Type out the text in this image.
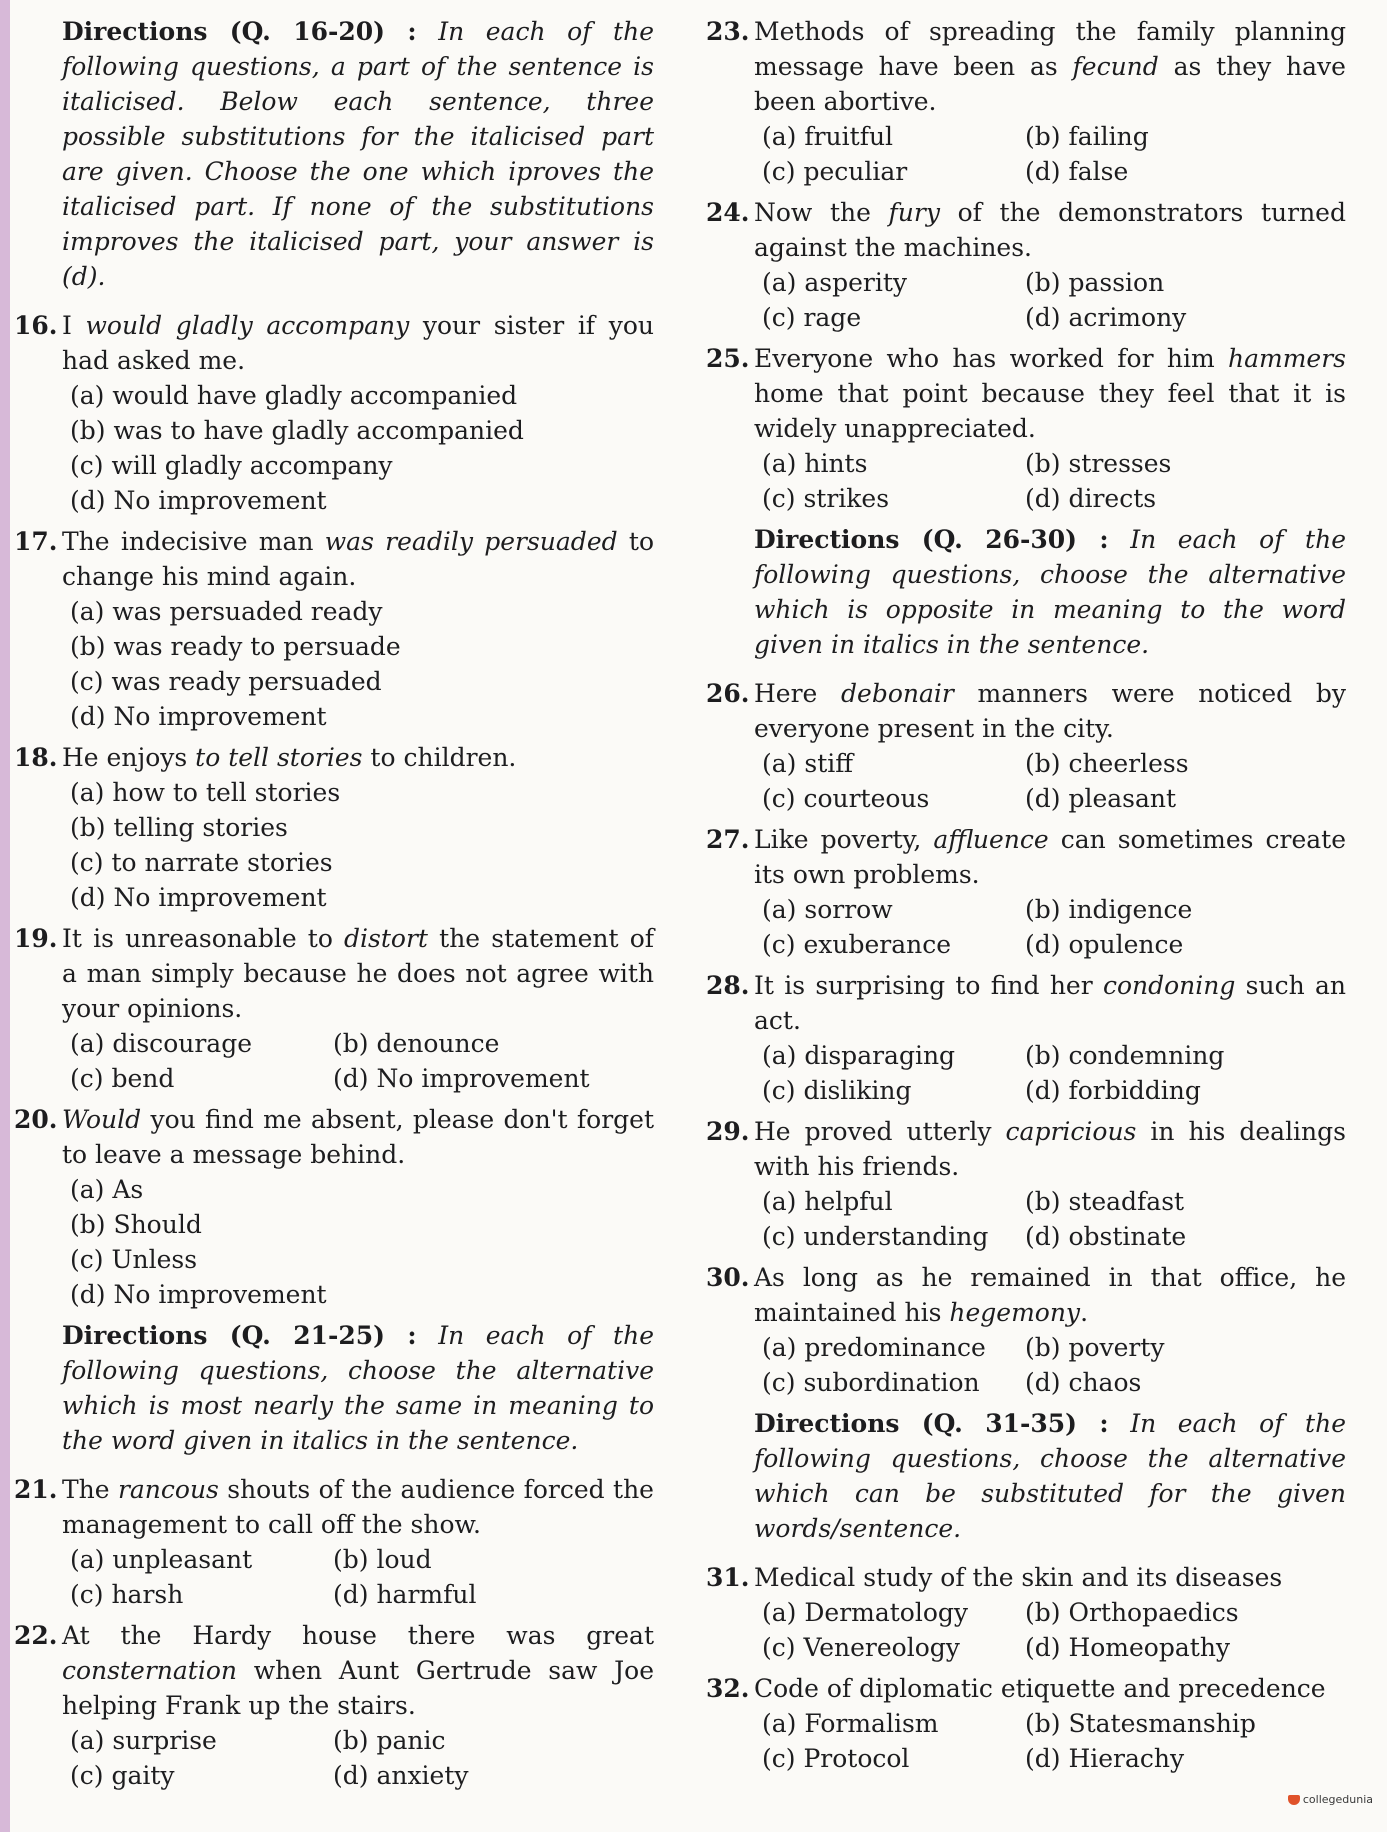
Directions (Q. 16-20) : In each of the following questions, a part of the sentence is italicised. Below each sentence, three possible substitutions for the italicised part are given. Choose the one which iproves the italicised part. If none of the substitutions improves the italicised part, your answer is (d).
16. I would gladly accompany your sister if you had asked me.
(a) would have gladly accompanied
(b) was to have gladly accompanied
(c) will gladly accompany
(d) No improvement
17. The indecisive man was readily persuaded to change his mind again.
(a) was persuaded ready
(b) was ready to persuade
(c) was ready persuaded
(d) No improvement
18. He enjoys to tell stories to children.
(a) how to tell stories
(b) telling stories
(c) to narrate stories
(d) No improvement
19. It is unreasonable to distort the statement of a man simply because he does not agree with your opinions.
(a) discourage	(b) denounce
(c) bend	(d) No improvement
20. Would you find me absent, please don't forget to leave a message behind.
(a) As
(b) Should
(c) Unless
(d) No improvement
Directions (Q. 21-25) : In each of the following questions, choose the alternative which is most nearly the same in meaning to the word given in italics in the sentence.
21. The rancous shouts of the audience forced the management to call off the show.
(a) unpleasant	(b) loud
(c) harsh	(d) harmful
22. At the Hardy house there was great consternation when Aunt Gertrude saw Joe helping Frank up the stairs.
(a) surprise	(b) panic
(c) gaity	(d) anxiety
23. Methods of spreading the family planning message have been as fecund as they have been abortive.
(a) fruitful	(b) failing
(c) peculiar	(d) false
24. Now the fury of the demonstrators turned against the machines.
(a) asperity	(b) passion
(c) rage	(d) acrimony
25. Everyone who has worked for him hammers home that point because they feel that it is widely unappreciated.
(a) hints	(b) stresses
(c) strikes	(d) directs
Directions (Q. 26-30) : In each of the following questions, choose the alternative which is opposite in meaning to the word given in italics in the sentence.
26. Here debonair manners were noticed by everyone present in the city.
(a) stiff	(b) cheerless
(c) courteous	(d) pleasant
27. Like poverty, affluence can sometimes create its own problems.
(a) sorrow	(b) indigence
(c) exuberance	(d) opulence
28. It is surprising to find her condoning such an act.
(a) disparaging	(b) condemning
(c) disliking	(d) forbidding
29. He proved utterly capricious in his dealings with his friends.
(a) helpful	(b) steadfast
(c) understanding	(d) obstinate
30. As long as he remained in that office, he maintained his hegemony.
(a) predominance	(b) poverty
(c) subordination	(d) chaos
Directions (Q. 31-35) : In each of the following questions, choose the alternative which can be substituted for the given words/sentence.
31. Medical study of the skin and its diseases
(a) Dermatology	(b) Orthopaedics
(c) Venereology	(d) Homeopathy
32. Code of diplomatic etiquette and precedence
(a) Formalism	(b) Statesmanship
(c) Protocol	(d) Hierachy
collegedunia
